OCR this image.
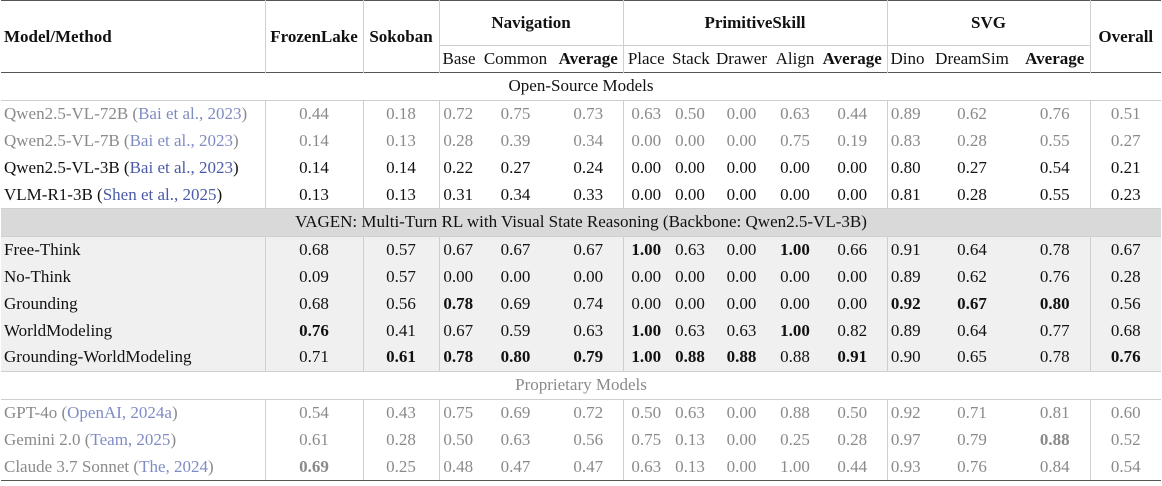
Model/Method	FrozenLake	Sokoban	Navigation			PrimitiveSkill					SVG			Overall
			Base	Common	Average	Place	Stack	Drawer	Align	Average	Dino	DreamSim	Average	
Open-Source Models														
Qwen2.5-VL-72B (Bai et al., 2023)	0.44	0.18	0.72	0.75	0.73	0.63	0.50	0.00	0.63	0.44	0.89	0.62	0.76	0.51
Qwen2.5-VL-7B (Bai et al., 2023)	0.14	0.13	0.28	0.39	0.34	0.00	0.00	0.00	0.75	0.19	0.83	0.28	0.55	0.27
Qwen2.5-VL-3B (Bai et al., 2023)	0.14	0.14	0.22	0.27	0.24	0.00	0.00	0.00	0.00	0.00	0.80	0.27	0.54	0.21
VLM-R1-3B (Shen et al., 2025)	0.13	0.13	0.31	0.34	0.33	0.00	0.00	0.00	0.00	0.00	0.81	0.28	0.55	0.23
VAGEN: Multi-Turn RL with Visual State Reasoning (Backbone: Qwen2.5-VL-3B)														
Free-Think	0.68	0.57	0.67	0.67	0.67	1.00	0.63	0.00	1.00	0.66	0.91	0.64	0.78	0.67
No-Think	0.09	0.57	0.00	0.00	0.00	0.00	0.00	0.00	0.00	0.00	0.89	0.62	0.76	0.28
Grounding	0.68	0.56	0.78	0.69	0.74	0.00	0.00	0.00	0.00	0.00	0.92	0.67	0.80	0.56
WorldModeling	0.76	0.41	0.67	0.59	0.63	1.00	0.63	0.63	1.00	0.82	0.89	0.64	0.77	0.68
Grounding-WorldModeling	0.71	0.61	0.78	0.80	0.79	1.00	0.88	0.88	0.88	0.91	0.90	0.65	0.78	0.76
Proprietary Models														
GPT-4o (OpenAI, 2024a)	0.54	0.43	0.75	0.69	0.72	0.50	0.63	0.00	0.88	0.50	0.92	0.71	0.81	0.60
Gemini 2.0 (Team, 2025)	0.61	0.28	0.50	0.63	0.56	0.75	0.13	0.00	0.25	0.28	0.97	0.79	0.88	0.52
Claude 3.7 Sonnet (The, 2024)	0.69	0.25	0.48	0.47	0.47	0.63	0.13	0.00	1.00	0.44	0.93	0.76	0.84	0.54
